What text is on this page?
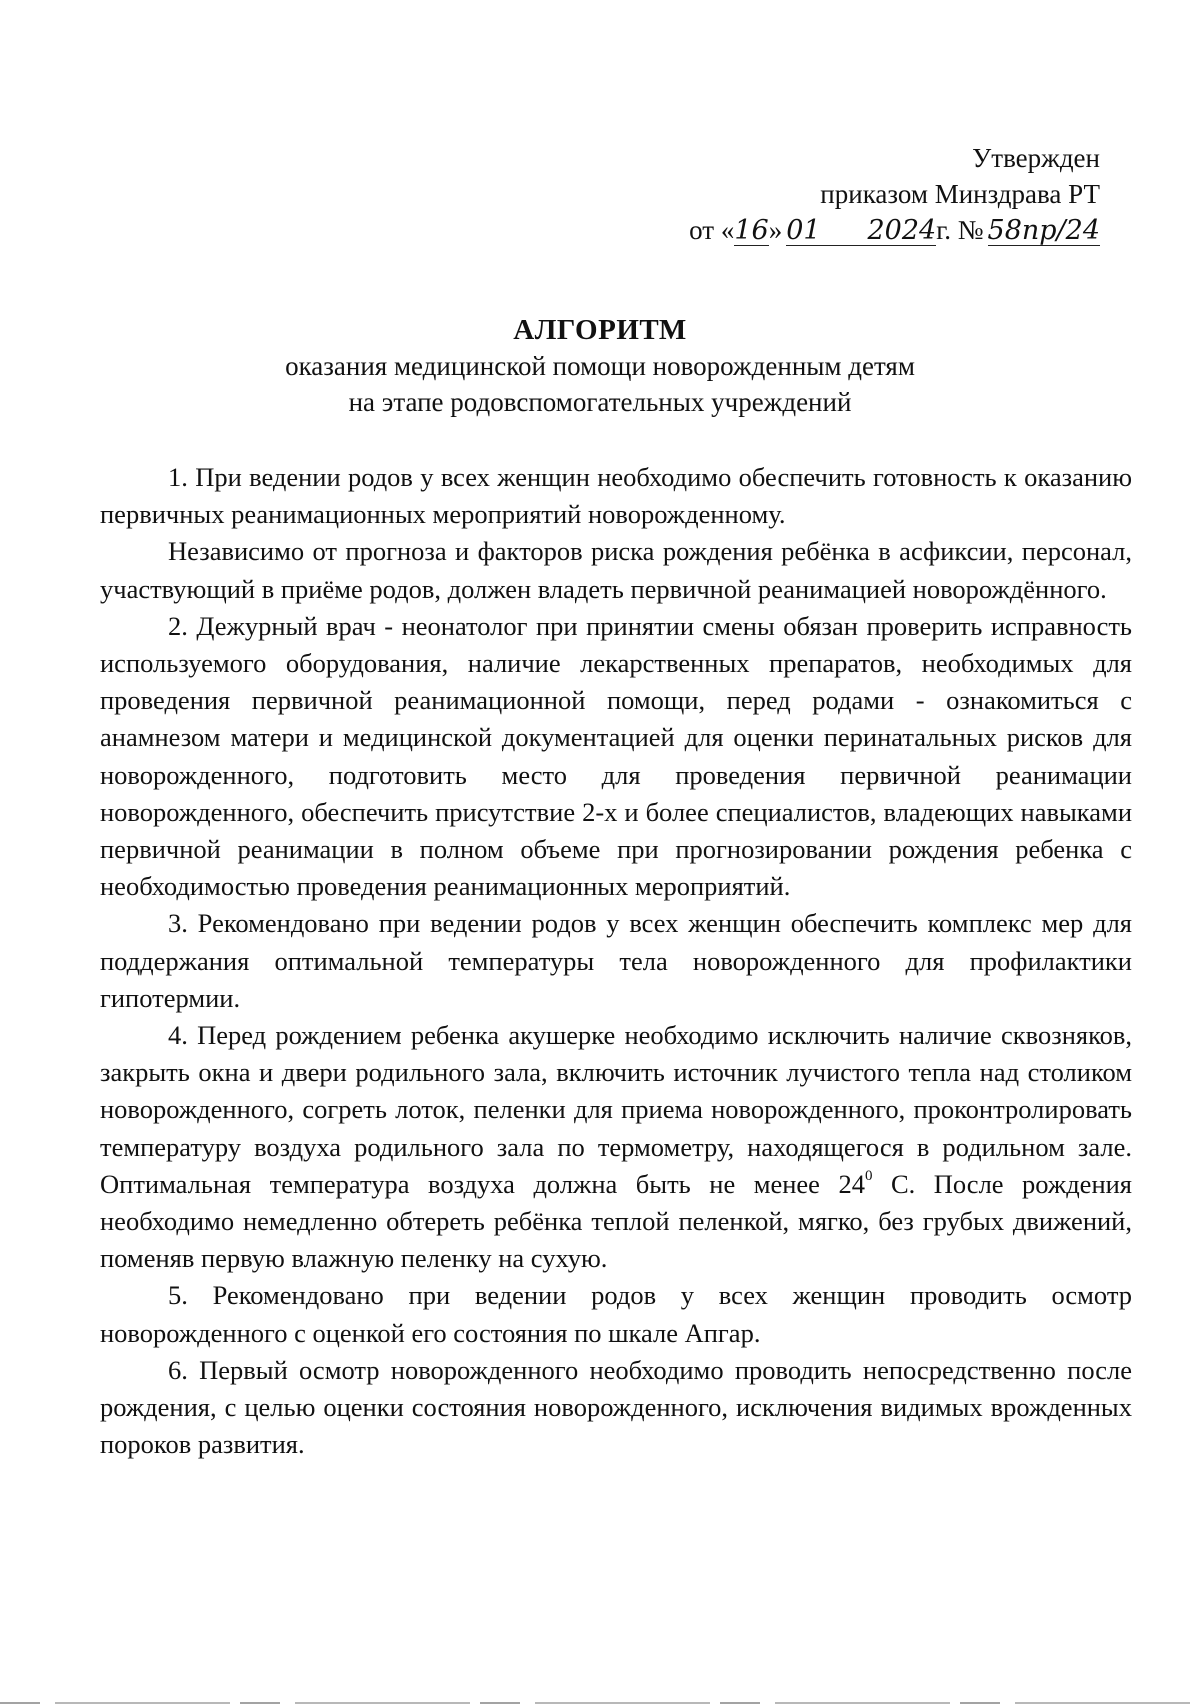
Утвержден
приказом Минздрава РТ
от «16» 01 2024г. № 58пр/24
АЛГОРИТМ
оказания медицинской помощи новорожденным детям
на этапе родовспомогательных учреждений

1. При ведении родов у всех женщин необходимо обеспечить готовность к оказанию первичных реанимационных мероприятий новорожденному.

Независимо от прогноза и факторов риска рождения ребёнка в асфиксии, персонал, участвующий в приёме родов, должен владеть первичной реанимацией новорождённого.

2. Дежурный врач - неонатолог при принятии смены обязан проверить исправность используемого оборудования, наличие лекарственных препаратов, необходимых для проведения первичной реанимационной помощи, перед родами - ознакомиться с анамнезом матери и медицинской документацией для оценки перинатальных рисков для новорожденного, подготовить место для проведения первичной реанимации новорожденного, обеспечить присутствие 2-х и более специалистов, владеющих навыками первичной реанимации в полном объеме при прогнозировании рождения ребенка с необходимостью проведения реанимационных мероприятий.

3. Рекомендовано при ведении родов у всех женщин обеспечить комплекс мер для поддержания оптимальной температуры тела новорожденного для профилактики гипотермии.

4. Перед рождением ребенка акушерке необходимо исключить наличие сквозняков, закрыть окна и двери родильного зала, включить источник лучистого тепла над столиком новорожденного, согреть лоток, пеленки для приема новорожденного, проконтролировать температуру воздуха родильного зала по термометру, находящегося в родильном зале. Оптимальная температура воздуха должна быть не менее $24^0$ С. После рождения необходимо немедленно обтереть ребёнка теплой пеленкой, мягко, без грубых движений, поменяв первую влажную пеленку на сухую.

5. Рекомендовано при ведении родов у всех женщин проводить осмотр новорожденного с оценкой его состояния по шкале Апгар.

6. Первый осмотр новорожденного необходимо проводить непосредственно после рождения, с целью оценки состояния новорожденного, исключения видимых врожденных пороков развития.
